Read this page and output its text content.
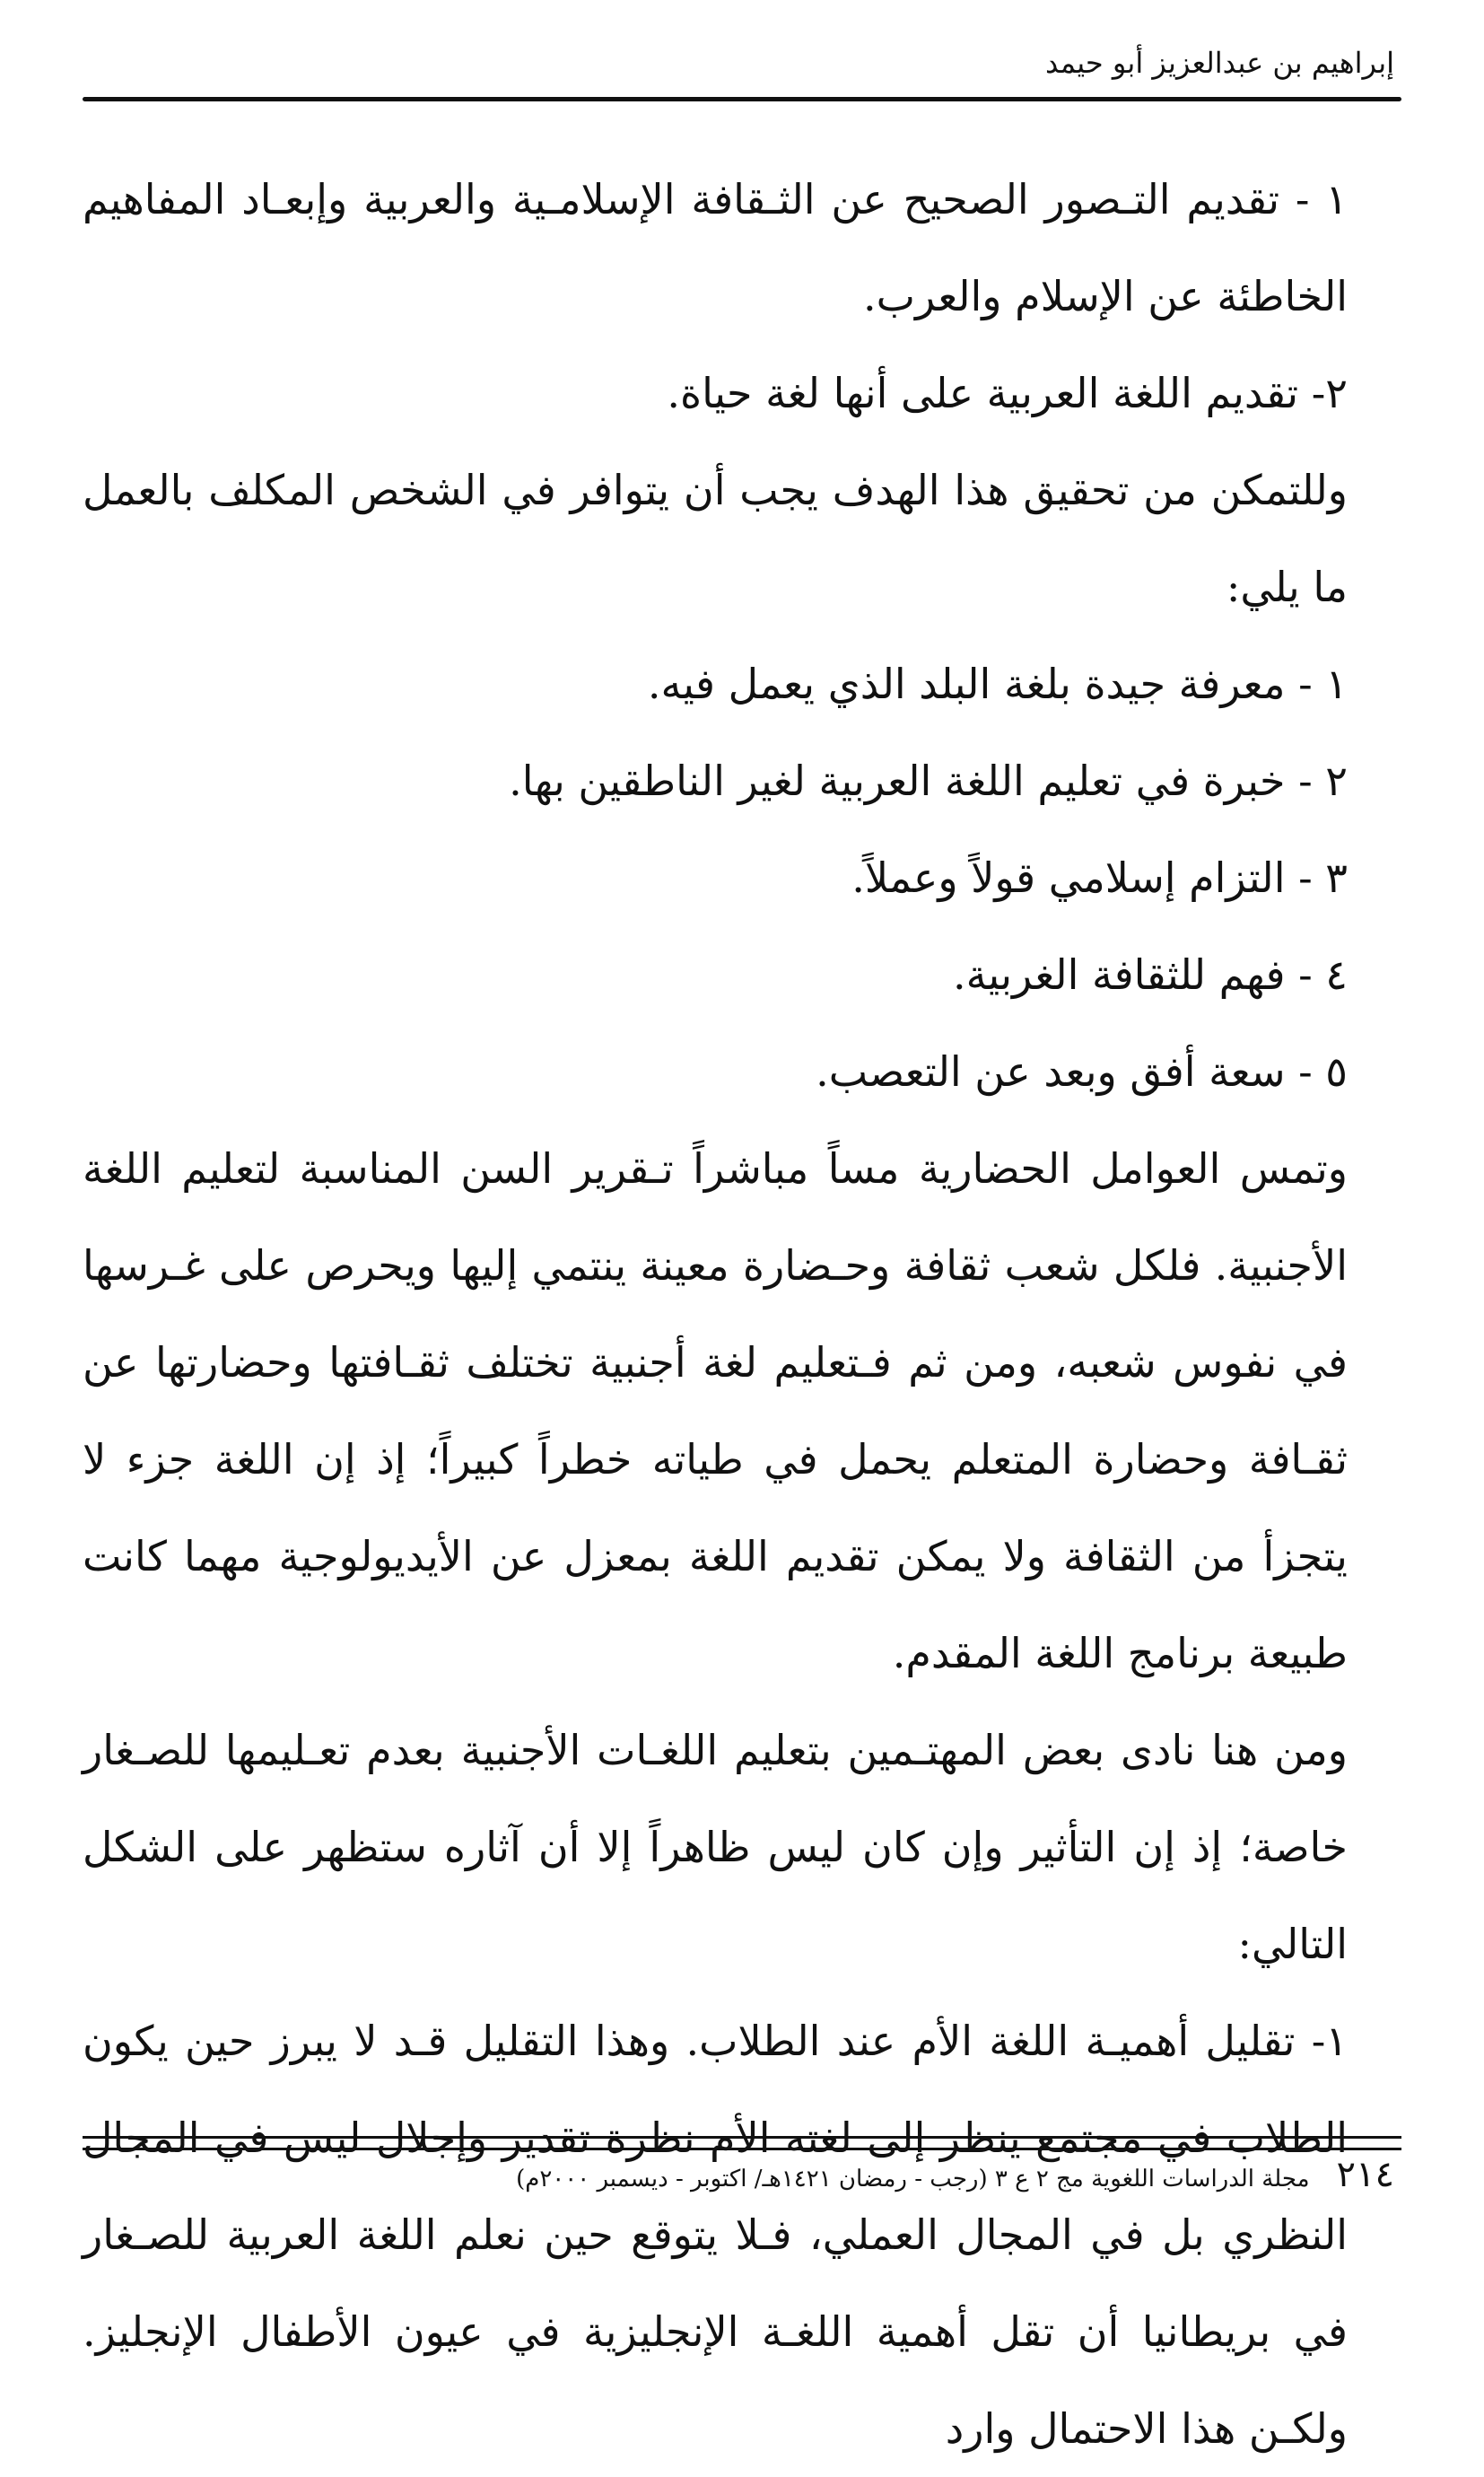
إبراهيم بن عبدالعزيز أبو حيمد

١ - تقديم التـصور الصحيح عن الثـقافة الإسلامـية والعربية وإبعـاد المفاهيم الخاطئة عن الإسلام والعرب.

٢- تقديم اللغة العربية على أنها لغة حياة.

وللتمكن من تحقيق هذا الهدف يجب أن يتوافر في الشخص المكلف بالعمل ما يلي:

١ - معرفة جيدة بلغة البلد الذي يعمل فيه.

٢ - خبرة في تعليم اللغة العربية لغير الناطقين بها.

٣ - التزام إسلامي قولاً وعملاً.

٤ - فهم للثقافة الغربية.

٥ - سعة أفق وبعد عن التعصب.

وتمس العوامل الحضارية مساً مباشراً تـقرير السن المناسبة لتعليم اللغة الأجنبية. فلكل شعب ثقافة وحـضارة معينة ينتمي إليها ويحرص على غـرسها في نفوس شعبه، ومن ثم فـتعليم لغة أجنبية تختلف ثقـافتها وحضارتها عن ثقـافة وحضارة المتعلم يحمل في طياته خطراً كبيراً؛ إذ إن اللغة جزء لا يتجزأ من الثقافة ولا يمكن تقديم اللغة بمعزل عن الأيديولوجية مهما كانت طبيعة برنامج اللغة المقدم.

ومن هنا نادى بعض المهتـمين بتعليم اللغـات الأجنبية بعدم تعـليمها للصـغار خاصة؛ إذ إن التأثير وإن كان ليس ظاهراً إلا أن آثاره ستظهر على الشكل التالي:

١- تقليل أهميـة اللغة الأم عند الطلاب. وهذا التقليل قـد لا يبرز حين يكون الطلاب في مجتمع ينظر إلى لغته الأم نظرة تقدير وإجلال ليس في المجال النظري بل في المجال العملي، فـلا يتوقع حين نعلم اللغة العربية للصـغار في بريطانيا أن تقل أهمية اللغـة الإنجليزية في عيون الأطفال الإنجليز. ولكـن هذا الاحتمال وارد

٢١٤
مجلة الدراسات اللغوية مج ٢ ع ٣ (رجب - رمضان ١٤٢١هـ/ اكتوبر - ديسمبر ٢٠٠٠م)
